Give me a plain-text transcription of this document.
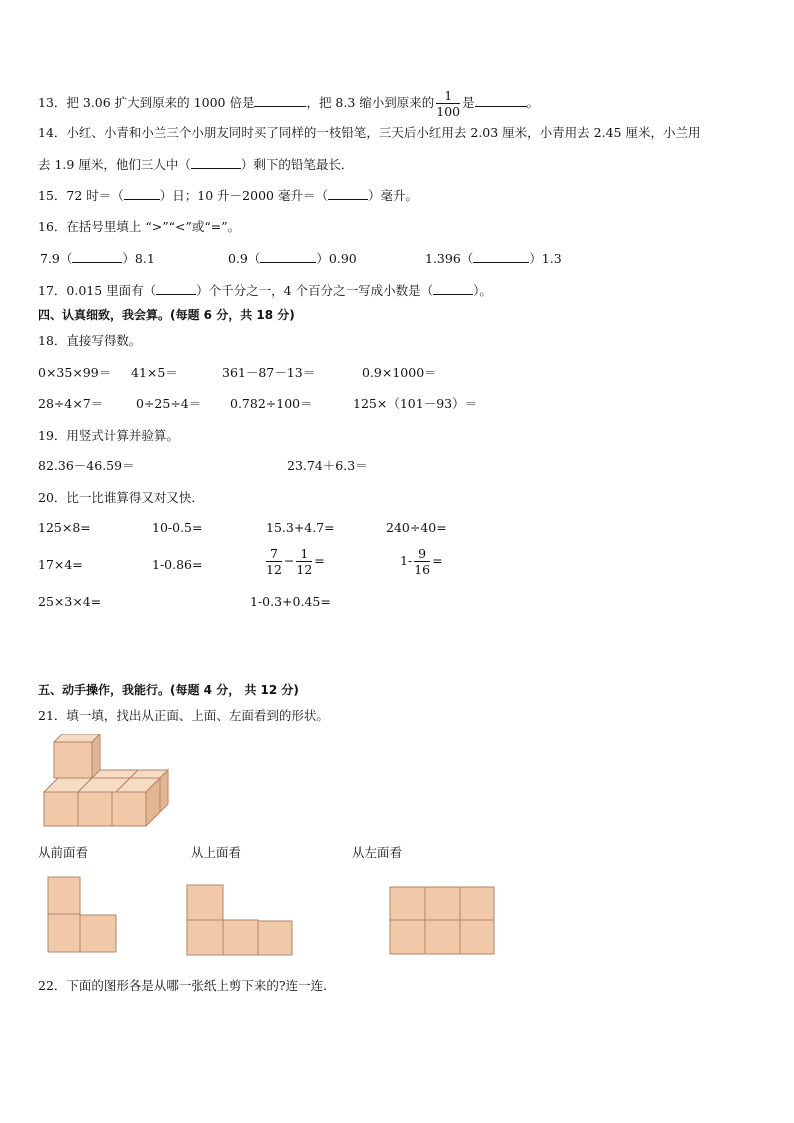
13．把 3.06 扩大到原来的 1000 倍是	，把 8.3 缩小到原来的 $\frac{1}{100}$ 是	。
14．小红、小青和小兰三个小朋友同时买了同样的一枝铅笔，三天后小红用去 2.03 厘米，小青用去 2.45 厘米，小兰用
去 1.9 厘米，他们三人中（	）剩下的铅笔最长．
15．72 时＝（	）日；10 升－2000 毫升＝（	）毫升。
16．在括号里填上 “>”“<”或“=”。
7.9（	）8.1	0.9（	）0.90	1.396（	）1.3
17．0.015 里面有（	）个千分之一，4 个百分之一写成小数是（	）。
四、认真细致，我会算。(每题 6 分，共 18 分)
18．直接写得数。
0×35×99＝ 41×5＝	361－87－13＝	0.9×1000＝
28÷4×7＝	0÷25÷4＝ 0.782÷100＝	125×（101－93）＝
19．用竖式计算并验算。
82.36－46.59＝	23.74＋6.3＝
20．比一比谁算得又对又快．
125×8=	10-0.5=	15.3+4.7=	240÷40=
17×4=	1-0.86=	$\frac{7}{12} - \frac{1}{12}$ =	$1- \frac{9}{16}$ =
25×3×4=	1-0.3+0.45=
五、动手操作，我能行。(每题 4 分， 共 12 分)
21．填一填，找出从正面、上面、左面看到的形状。
从前面看	从上面看	从左面看
22．下面的图形各是从哪一张纸上剪下来的?连一连．
